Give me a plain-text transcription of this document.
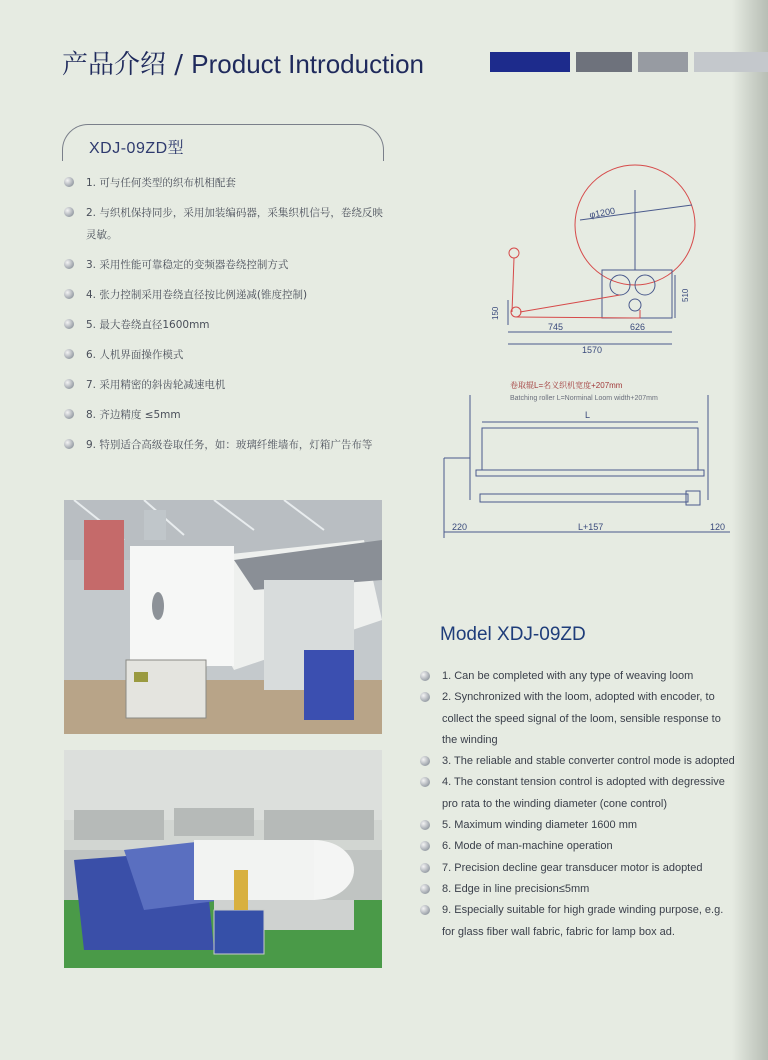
产品介绍 / Product Introduction
XDJ-09ZD型
1. 可与任何类型的织布机相配套
2. 与织机保持同步，采用加装编码器，采集织机信号，卷绕反映灵敏。
3. 采用性能可靠稳定的变频器卷绕控制方式
4. 张力控制采用卷绕直径按比例递减(锥度控制)
5. 最大卷绕直径1600mm
6. 人机界面操作模式
7. 采用精密的斜齿轮减速电机
8. 齐边精度 ≤5mm
9. 特别适合高级卷取任务，如：玻璃纤维墙布，灯箱广告布等
φ1200
150
510
745	626
1570
卷取辊L=名义织机宽度+207mm
Batching roller L=Norminal Loom width+207mm
L
220	L+157	120
Model XDJ-09ZD
1. Can be completed with any type of weaving loom
2. Synchronized with the loom, adopted with encoder, to collect the speed signal of the loom, sensible response to the winding
3. The reliable and stable converter control mode is adopted
4. The constant tension control is adopted with degressive pro rata to the winding diameter (cone control)
5. Maximum winding diameter 1600 mm
6. Mode of man-machine operation
7. Precision decline gear transducer motor is adopted
8. Edge in line precision≤5mm
9. Especially suitable for high grade winding purpose, e.g. for glass fiber wall fabric, fabric for lamp box ad.
